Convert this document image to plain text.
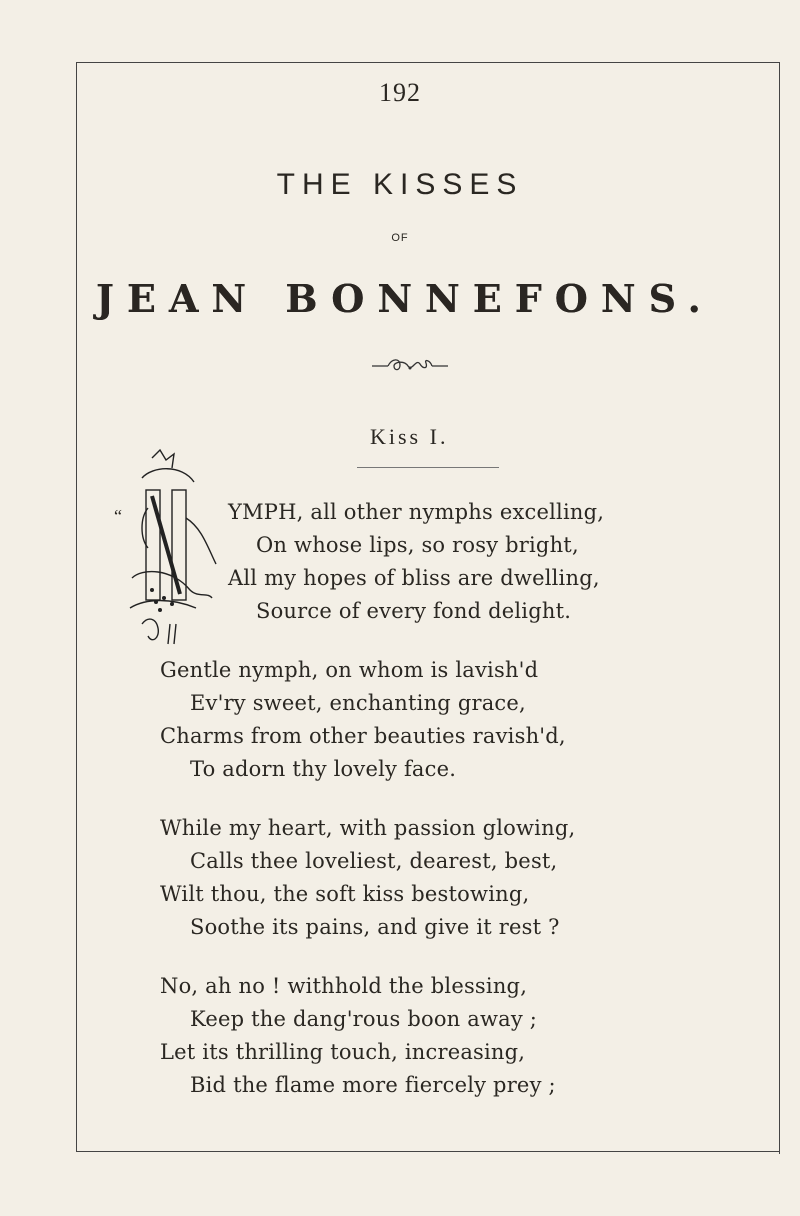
192
THE KISSES
OF
JEAN BONNEFONS.
Kiss I.
“	YMPH, all other nymphs excelling,
On whose lips, so rosy bright,
All my hopes of bliss are dwelling,
Source of every fond delight.
Gentle nymph, on whom is lavish'd
Ev'ry sweet, enchanting grace,
Charms from other beauties ravish'd,
To adorn thy lovely face.
While my heart, with passion glowing,
Calls thee loveliest, dearest, best,
Wilt thou, the soft kiss bestowing,
Soothe its pains, and give it rest ?
No, ah no ! withhold the blessing,
Keep the dang'rous boon away ;
Let its thrilling touch, increasing,
Bid the flame more fiercely prey ;
